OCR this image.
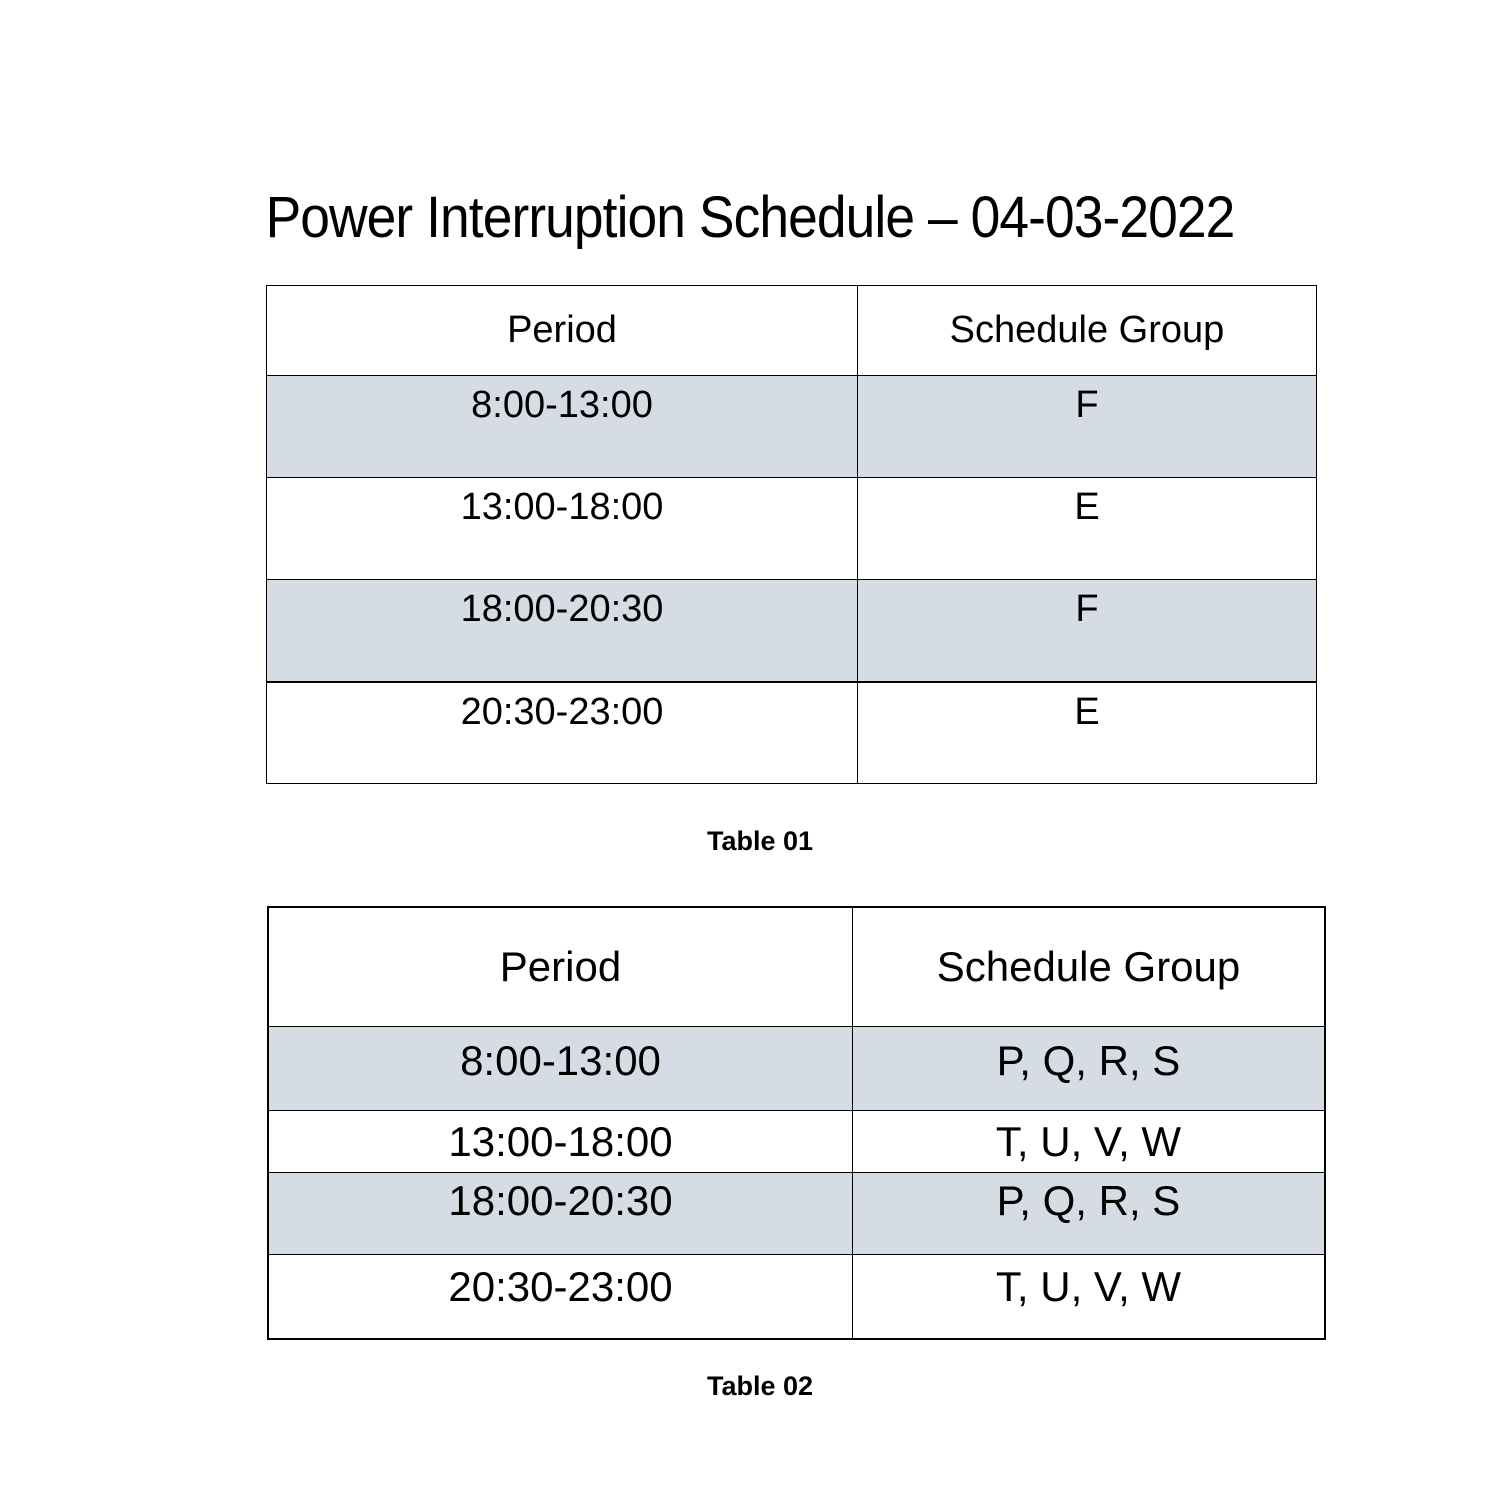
Power Interruption Schedule – 04-03-2022
Period	Schedule Group
8:00-13:00	F
13:00-18:00	E
18:00-20:30	F
20:30-23:00	E
Table 01
Period	Schedule Group
8:00-13:00	P, Q, R, S
13:00-18:00	T, U, V, W
18:00-20:30	P, Q, R, S
20:30-23:00	T, U, V, W
Table 02
